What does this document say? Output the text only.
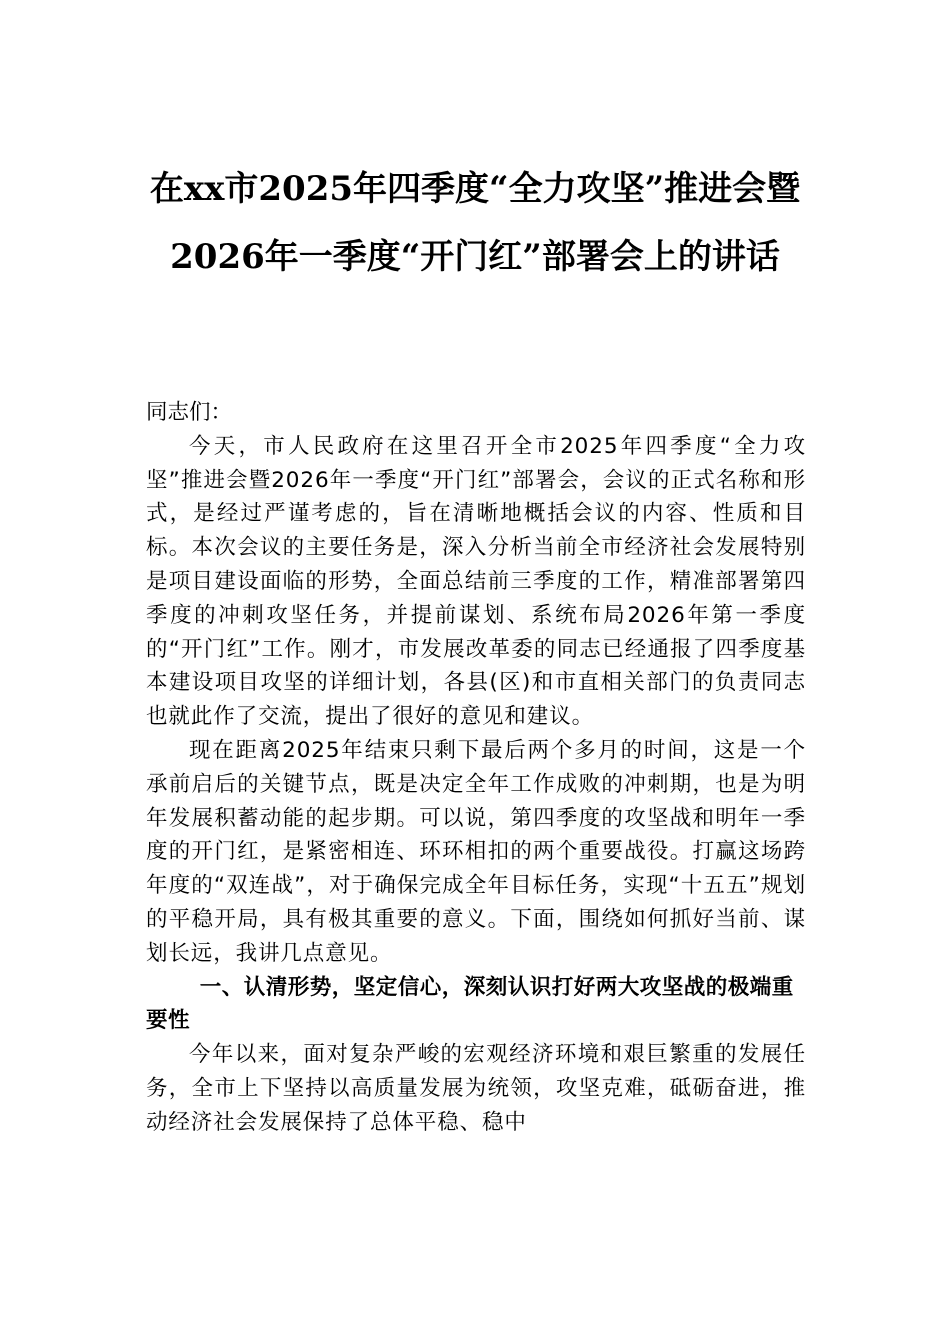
在xx市2025年四季度“全力攻坚”推进会暨2026年一季度“开门红”部署会上的讲话

同志们：

今天，市人民政府在这里召开全市2025年四季度“全力攻坚”推进会暨2026年一季度“开门红”部署会，会议的正式名称和形式，是经过严谨考虑的，旨在清晰地概括会议的内容、性质和目标。本次会议的主要任务是，深入分析当前全市经济社会发展特别是项目建设面临的形势，全面总结前三季度的工作，精准部署第四季度的冲刺攻坚任务，并提前谋划、系统布局2026年第一季度的“开门红”工作。刚才，市发展改革委的同志已经通报了四季度基本建设项目攻坚的详细计划，各县(区)和市直相关部门的负责同志也就此作了交流，提出了很好的意见和建议。

现在距离2025年结束只剩下最后两个多月的时间，这是一个承前启后的关键节点，既是决定全年工作成败的冲刺期，也是为明年发展积蓄动能的起步期。可以说，第四季度的攻坚战和明年一季度的开门红，是紧密相连、环环相扣的两个重要战役。打赢这场跨年度的“双连战”，对于确保完成全年目标任务，实现“十五五”规划的平稳开局，具有极其重要的意义。下面，围绕如何抓好当前、谋划长远，我讲几点意见。

一、认清形势，坚定信心，深刻认识打好两大攻坚战的极端重要性

今年以来，面对复杂严峻的宏观经济环境和艰巨繁重的发展任务，全市上下坚持以高质量发展为统领，攻坚克难，砥砺奋进，推动经济社会发展保持了总体平稳、稳中
